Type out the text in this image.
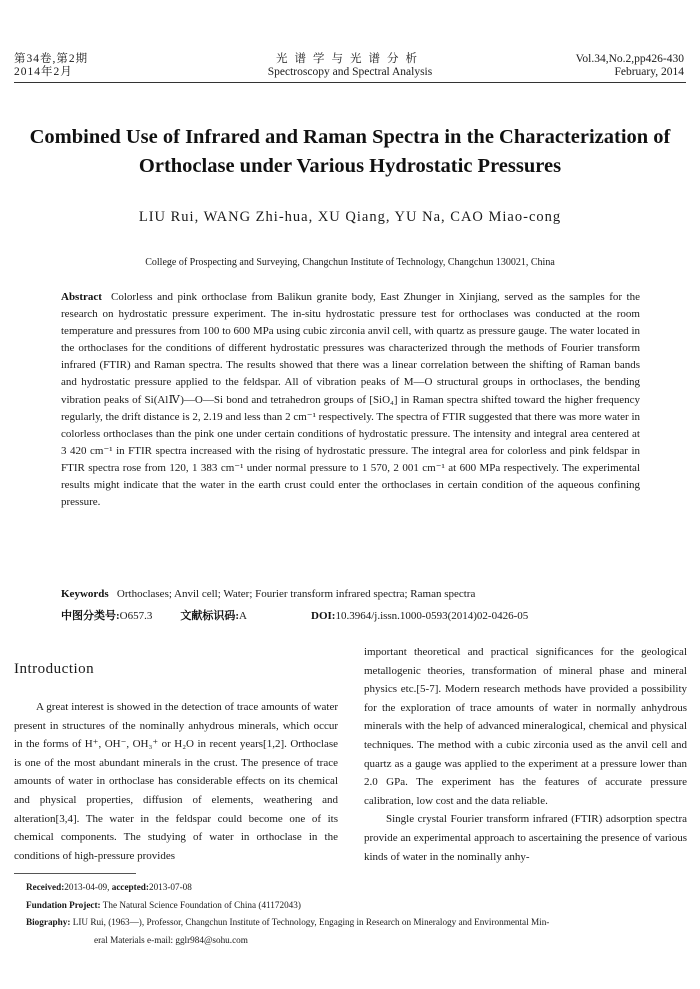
第34卷,第2期
2014年2月
光谱学与光谱分析
Spectroscopy and Spectral Analysis
Vol.34,No.2,pp426-430
February, 2014
Combined Use of Infrared and Raman Spectra in the Characterization of
Orthoclase under Various Hydrostatic Pressures
LIU Rui, WANG Zhi-hua, XU Qiang, YU Na, CAO Miao-cong
College of Prospecting and Surveying, Changchun Institute of Technology, Changchun 130021, China
Abstract Colorless and pink orthoclase from Balikun granite body, East Zhunger in Xinjiang, served as the samples for the research on hydrostatic pressure experiment. The in-situ hydrostatic pressure test for orthoclases was conducted at the room temperature and pressures from 100 to 600 MPa using cubic zirconia anvil cell, with quartz as pressure gauge. The water located in the orthoclases for the conditions of different hydrostatic pressures was characterized through the methods of Fourier transform infrared (FTIR) and Raman spectra. The results showed that there was a linear correlation between the shifting of Raman bands and hydrostatic pressure applied to the feldspar. All of vibration peaks of M—O structural groups in orthoclases, the bending vibration peaks of Si(AlⅣ)—O—Si bond and tetrahedron groups of [SiO₄] in Raman spectra shifted toward the higher frequency regularly, the drift distance is 2, 2.19 and less than 2 cm⁻¹ respectively. The spectra of FTIR suggested that there was more water in colorless orthoclases than the pink one under certain conditions of hydrostatic pressure. The intensity and integral area centered at 3 420 cm⁻¹ in FTIR spectra increased with the rising of hydrostatic pressure. The integral area for colorless and pink feldspar in FTIR spectra rose from 120, 1 383 cm⁻¹ under normal pressure to 1 570, 2 001 cm⁻¹ at 600 MPa respectively. The experimental results might indicate that the water in the earth crust could enter the orthoclases in certain condition of the aqueous confining pressure.
Keywords Orthoclases; Anvil cell; Water; Fourier transform infrared spectra; Raman spectra
中图分类号:O657.3	文献标识码:A	DOI:10.3964/j.issn.1000-0593(2014)02-0426-05
Introduction

A great interest is showed in the detection of trace amounts of water present in structures of the nominally anhydrous minerals, which occur in the forms of H⁺, OH⁻, OH₃⁺ or H₂O in recent years[1,2]. Orthoclase is one of the most abundant minerals in the crust. The presence of trace amounts of water in orthoclase has considerable effects on its chemical and physical properties, diffusion of elements, weathering and alteration[3,4]. The water in the feldspar could become one of its chemical components. The studying of water in orthoclase in the conditions of high-pressure provides

important theoretical and practical significances for the geological metallogenic theories, transformation of mineral phase and mineral physics etc.[5-7]. Modern research methods have provided a possibility for the exploration of trace amounts of water in normally anhydrous minerals with the help of advanced mineralogical, chemical and physical techniques. The method with a cubic zirconia used as the anvil cell and quartz as a gauge was applied to the experiment at a pressure lower than 2.0 GPa. The experiment has the features of accurate pressure calibration, low cost and the data reliable.

Single crystal Fourier transform infrared (FTIR) adsorption spectra provide an experimental approach to ascertaining the presence of various kinds of water in the nominally anhy-

Received:2013-04-09, accepted:2013-07-08
Fundation Project: The Natural Science Foundation of China (41172043)
Biography: LIU Rui, (1963—), Professor, Changchun Institute of Technology, Engaging in Research on Mineralogy and Environmental Min-
eral Materials e-mail: gglr984@sohu.com
